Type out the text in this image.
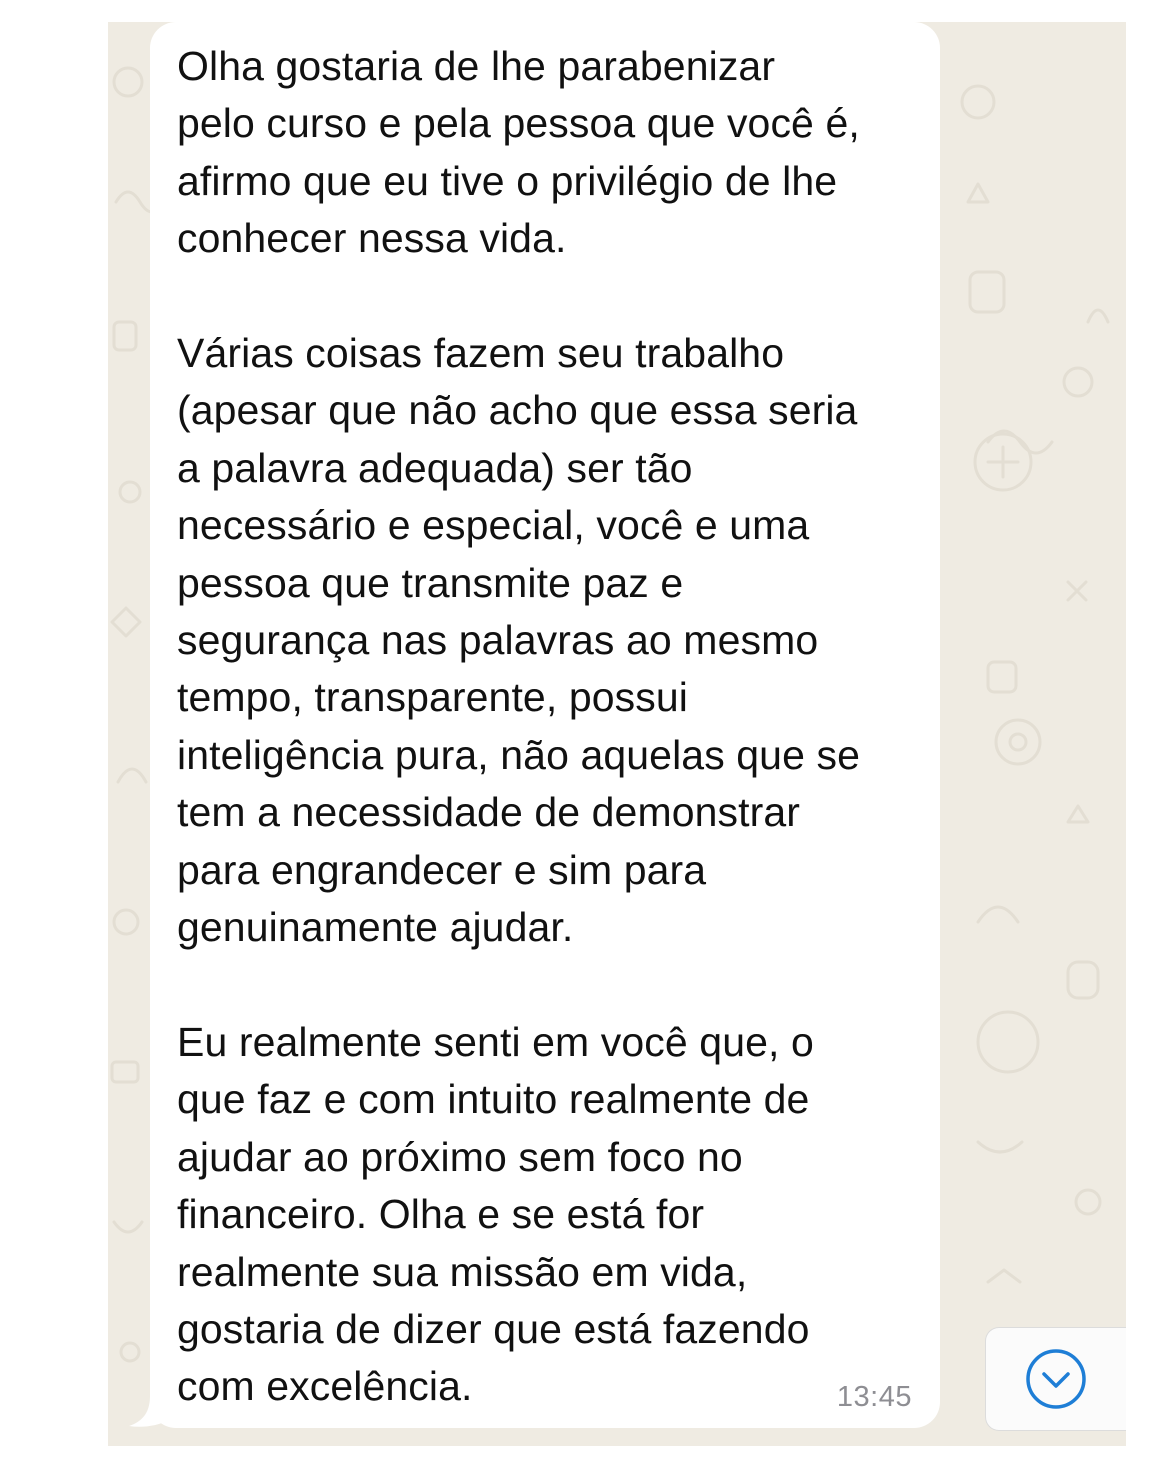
Olha gostaria de lhe parabenizar
pelo curso e pela pessoa que você é,
afirmo que eu tive o privilégio de lhe
conhecer nessa vida.

Várias coisas fazem seu trabalho
(apesar que não acho que essa seria
a palavra adequada) ser tão
necessário e especial, você e uma
pessoa que transmite paz e
segurança nas palavras ao mesmo
tempo, transparente, possui
inteligência pura, não aquelas que se
tem a necessidade de demonstrar
para engrandecer e sim para
genuinamente ajudar.

Eu realmente senti em você que, o
que faz e com intuito realmente de
ajudar ao próximo sem foco no
financeiro. Olha e se está for
realmente sua missão em vida,
gostaria de dizer que está fazendo
com excelência.	13:45
